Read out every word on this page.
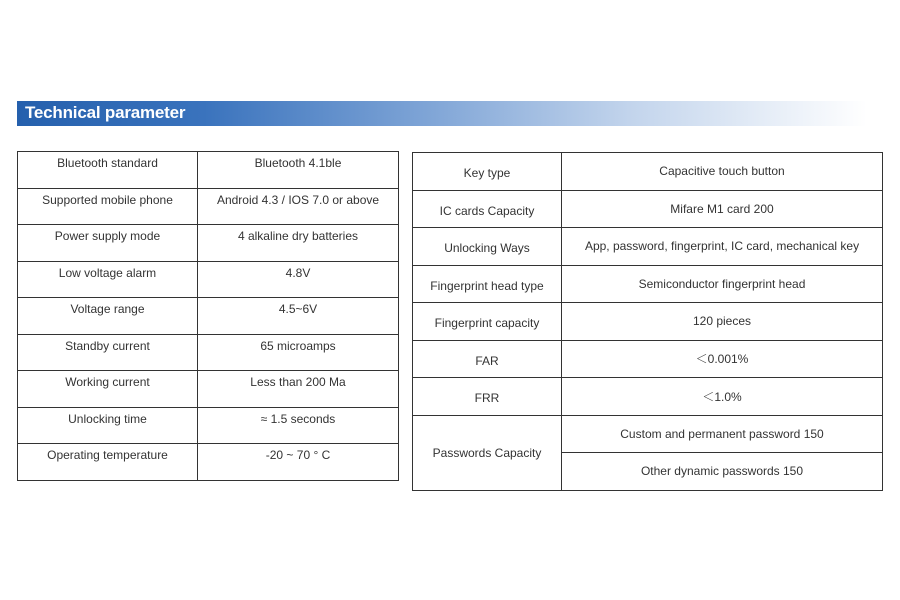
Technical parameter
Bluetooth standard	Bluetooth 4.1ble
Supported mobile phone	Android 4.3 / IOS 7.0 or above
Power supply mode	4 alkaline dry batteries
Low voltage alarm	4.8V
Voltage range	4.5~6V
Standby current	65 microamps
Working current	Less than 200 Ma
Unlocking time	≈ 1.5 seconds
Operating temperature	-20 ~ 70 ° C
Key type	Capacitive touch button
IC cards Capacity	Mifare M1 card 200
Unlocking Ways	App, password, fingerprint, IC card, mechanical key
Fingerprint head type	Semiconductor fingerprint head
Fingerprint capacity	120 pieces
FAR	＜0.001%
FRR	＜1.0%
Passwords Capacity	Custom and permanent password 150
	Other dynamic passwords 150
